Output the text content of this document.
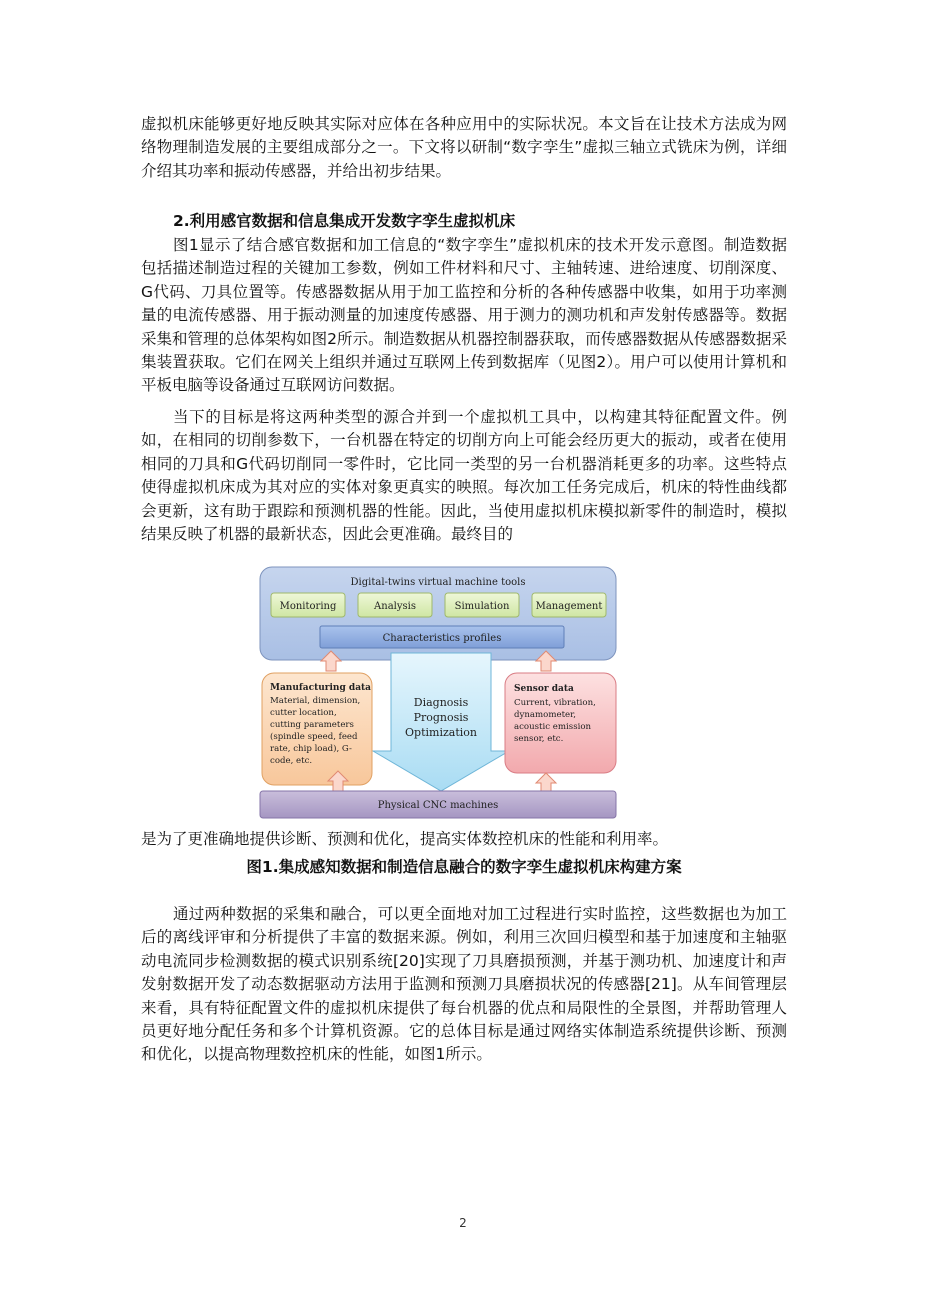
虚拟机床能够更好地反映其实际对应体在各种应用中的实际状况。本文旨在让技术方法成为网络物理制造发展的主要组成部分之一。下文将以研制“数字孪生”虚拟三轴立式铣床为例，详细介绍其功率和振动传感器，并给出初步结果。

2.利用感官数据和信息集成开发数字孪生虚拟机床

图1显示了结合感官数据和加工信息的“数字孪生”虚拟机床的技术开发示意图。制造数据包括描述制造过程的关键加工参数，例如工件材料和尺寸、主轴转速、进给速度、切削深度、G代码、刀具位置等。传感器数据从用于加工监控和分析的各种传感器中收集，如用于功率测量的电流传感器、用于振动测量的加速度传感器、用于测力的测功机和声发射传感器等。数据采集和管理的总体架构如图2所示。制造数据从机器控制器获取，而传感器数据从传感器数据采集装置获取。它们在网关上组织并通过互联网上传到数据库（见图2）。用户可以使用计算机和平板电脑等设备通过互联网访问数据。

当下的目标是将这两种类型的源合并到一个虚拟机工具中，以构建其特征配置文件。例如，在相同的切削参数下，一台机器在特定的切削方向上可能会经历更大的振动，或者在使用相同的刀具和G代码切削同一零件时，它比同一类型的另一台机器消耗更多的功率。这些特点使得虚拟机床成为其对应的实体对象更真实的映照。每次加工任务完成后，机床的特性曲线都会更新，这有助于跟踪和预测机器的性能。因此，当使用虚拟机床模拟新零件的制造时，模拟结果反映了机器的最新状态，因此会更准确。最终目的

Digital-twins virtual machine tools
Monitoring	Analysis	Simulation	Management
Characteristics profiles
Diagnosis
Prognosis
Optimization
Manufacturing data
Material, dimension,
cutter location,
cutting parameters
(spindle speed, feed
rate, chip load), G-
code, etc.
Sensor data
Current, vibration,
dynamometer,
acoustic emission
sensor, etc.
Physical CNC machines

是为了更准确地提供诊断、预测和优化，提高实体数控机床的性能和利用率。

图1.集成感知数据和制造信息融合的数字孪生虚拟机床构建方案

通过两种数据的采集和融合，可以更全面地对加工过程进行实时监控，这些数据也为加工后的离线评审和分析提供了丰富的数据来源。例如，利用三次回归模型和基于加速度和主轴驱动电流同步检测数据的模式识别系统[20]实现了刀具磨损预测，并基于测功机、加速度计和声发射数据开发了动态数据驱动方法用于监测和预测刀具磨损状况的传感器[21]。从车间管理层来看，具有特征配置文件的虚拟机床提供了每台机器的优点和局限性的全景图，并帮助管理人员更好地分配任务和多个计算机资源。它的总体目标是通过网络实体制造系统提供诊断、预测和优化，以提高物理数控机床的性能，如图1所示。

2
